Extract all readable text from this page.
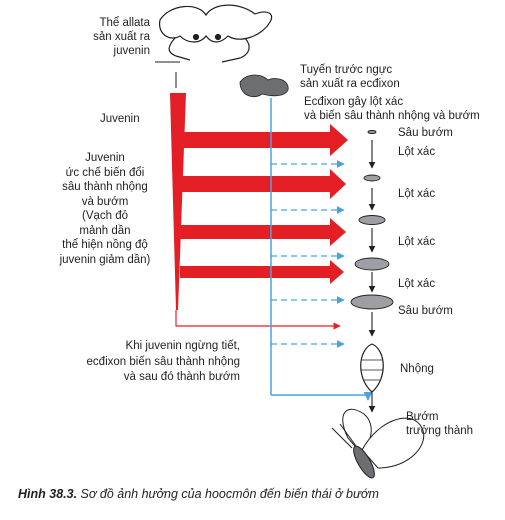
Thể allata
sản xuất ra
juvenin
Tuyến trước ngực
sản xuất ra ecđixon
Ecđixon gây lột xác
và biến sâu thành nhộng và bướm
Juvenin
Juvenin
ức chế biến đổi
sâu thành nhộng
và bướm
(Vạch đỏ
mảnh dần
thể hiện nồng độ
juvenin giảm dần)
Khi juvenin ngừng tiết,
ecđixon biến sâu thành nhộng
và sau đó thành bướm
Sâu bướm
Lột xác
Lột xác
Lột xác
Lột xác
Sâu bướm
Nhộng
Bướm
trưởng thành
Hình 38.3. Sơ đồ ảnh hưởng của hoocmôn đến biến thái ở bướm
